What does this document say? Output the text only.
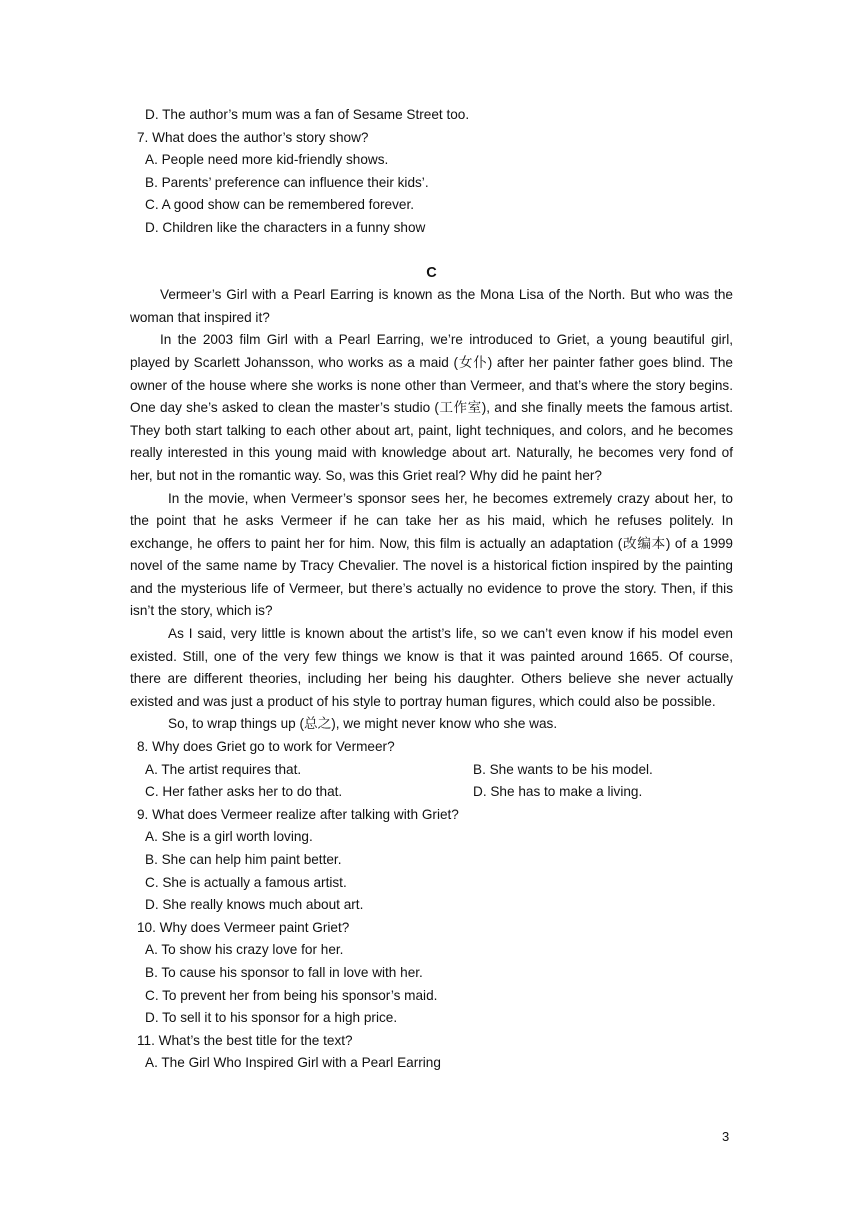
D. The author’s mum was a fan of Sesame Street too.
7. What does the author’s story show?
A. People need more kid-friendly shows.
B. Parents’ preference can influence their kids’.
C. A good show can be remembered forever.
D. Children like the characters in a funny show
C
Vermeer’s Girl with a Pearl Earring is known as the Mona Lisa of the North. But who was the woman that inspired it?
In the 2003 film Girl with a Pearl Earring, we’re introduced to Griet, a young beautiful girl, played by Scarlett Johansson, who works as a maid (女仆) after her painter father goes blind. The owner of the house where she works is none other than Vermeer, and that’s where the story begins. One day she’s asked to clean the master’s studio (工作室), and she finally meets the famous artist. They both start talking to each other about art, paint, light techniques, and colors, and he becomes really interested in this young maid with knowledge about art. Naturally, he becomes very fond of her, but not in the romantic way. So, was this Griet real? Why did he paint her?
In the movie, when Vermeer’s sponsor sees her, he becomes extremely crazy about her, to the point that he asks Vermeer if he can take her as his maid, which he refuses politely. In exchange, he offers to paint her for him. Now, this film is actually an adaptation (改编本) of a 1999 novel of the same name by Tracy Chevalier. The novel is a historical fiction inspired by the painting and the mysterious life of Vermeer, but there’s actually no evidence to prove the story. Then, if this isn’t the story, which is?
As I said, very little is known about the artist’s life, so we can’t even know if his model even existed. Still, one of the very few things we know is that it was painted around 1665. Of course, there are different theories, including her being his daughter. Others believe she never actually existed and was just a product of his style to portray human figures, which could also be possible.
So, to wrap things up (总之), we might never know who she was.
8. Why does Griet go to work for Vermeer?
A. The artist requires that.	B. She wants to be his model.
C. Her father asks her to do that.	D. She has to make a living.
9. What does Vermeer realize after talking with Griet?
A. She is a girl worth loving.
B. She can help him paint better.
C. She is actually a famous artist.
D. She really knows much about art.
10. Why does Vermeer paint Griet?
A. To show his crazy love for her.
B. To cause his sponsor to fall in love with her.
C. To prevent her from being his sponsor’s maid.
D. To sell it to his sponsor for a high price.
11. What’s the best title for the text?
A. The Girl Who Inspired Girl with a Pearl Earring
3
